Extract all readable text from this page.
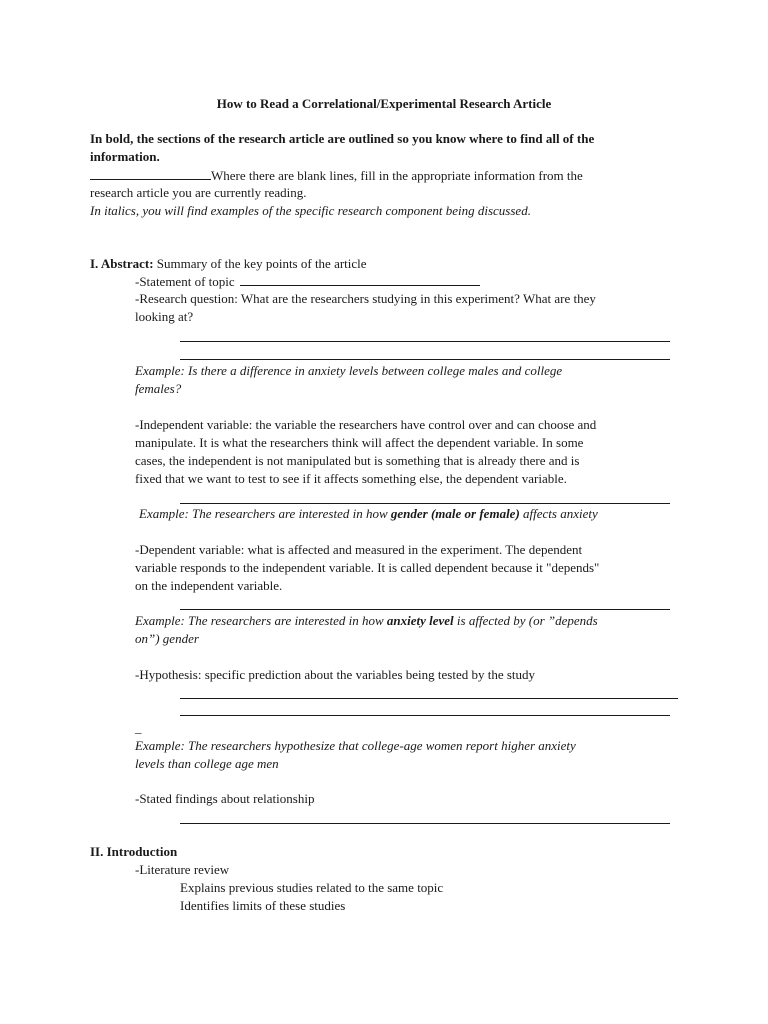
How to Read a Correlational/Experimental Research Article
In bold, the sections of the research article are outlined so you know where to find all of the
information.
Where there are blank lines, fill in the appropriate information from the
research article you are currently reading.
In italics, you will find examples of the specific research component being discussed.
I. Abstract: Summary of the key points of the article
-Statement of topic
-Research question: What are the researchers studying in this experiment? What are they
looking at?
Example: Is there a difference in anxiety levels between college males and college
females?
-Independent variable: the variable the researchers have control over and can choose and
manipulate. It is what the researchers think will affect the dependent variable. In some
cases, the independent is not manipulated but is something that is already there and is
fixed that we want to test to see if it affects something else, the dependent variable.
Example: The researchers are interested in how gender (male or female) affects anxiety
-Dependent variable: what is affected and measured in the experiment. The dependent
variable responds to the independent variable. It is called dependent because it "depends"
on the independent variable.
Example: The researchers are interested in how anxiety level is affected by (or ”depends
on”) gender
-Hypothesis: specific prediction about the variables being tested by the study
_
Example: The researchers hypothesize that college-age women report higher anxiety
levels than college age men
-Stated findings about relationship
II. Introduction
-Literature review
Explains previous studies related to the same topic
Identifies limits of these studies
